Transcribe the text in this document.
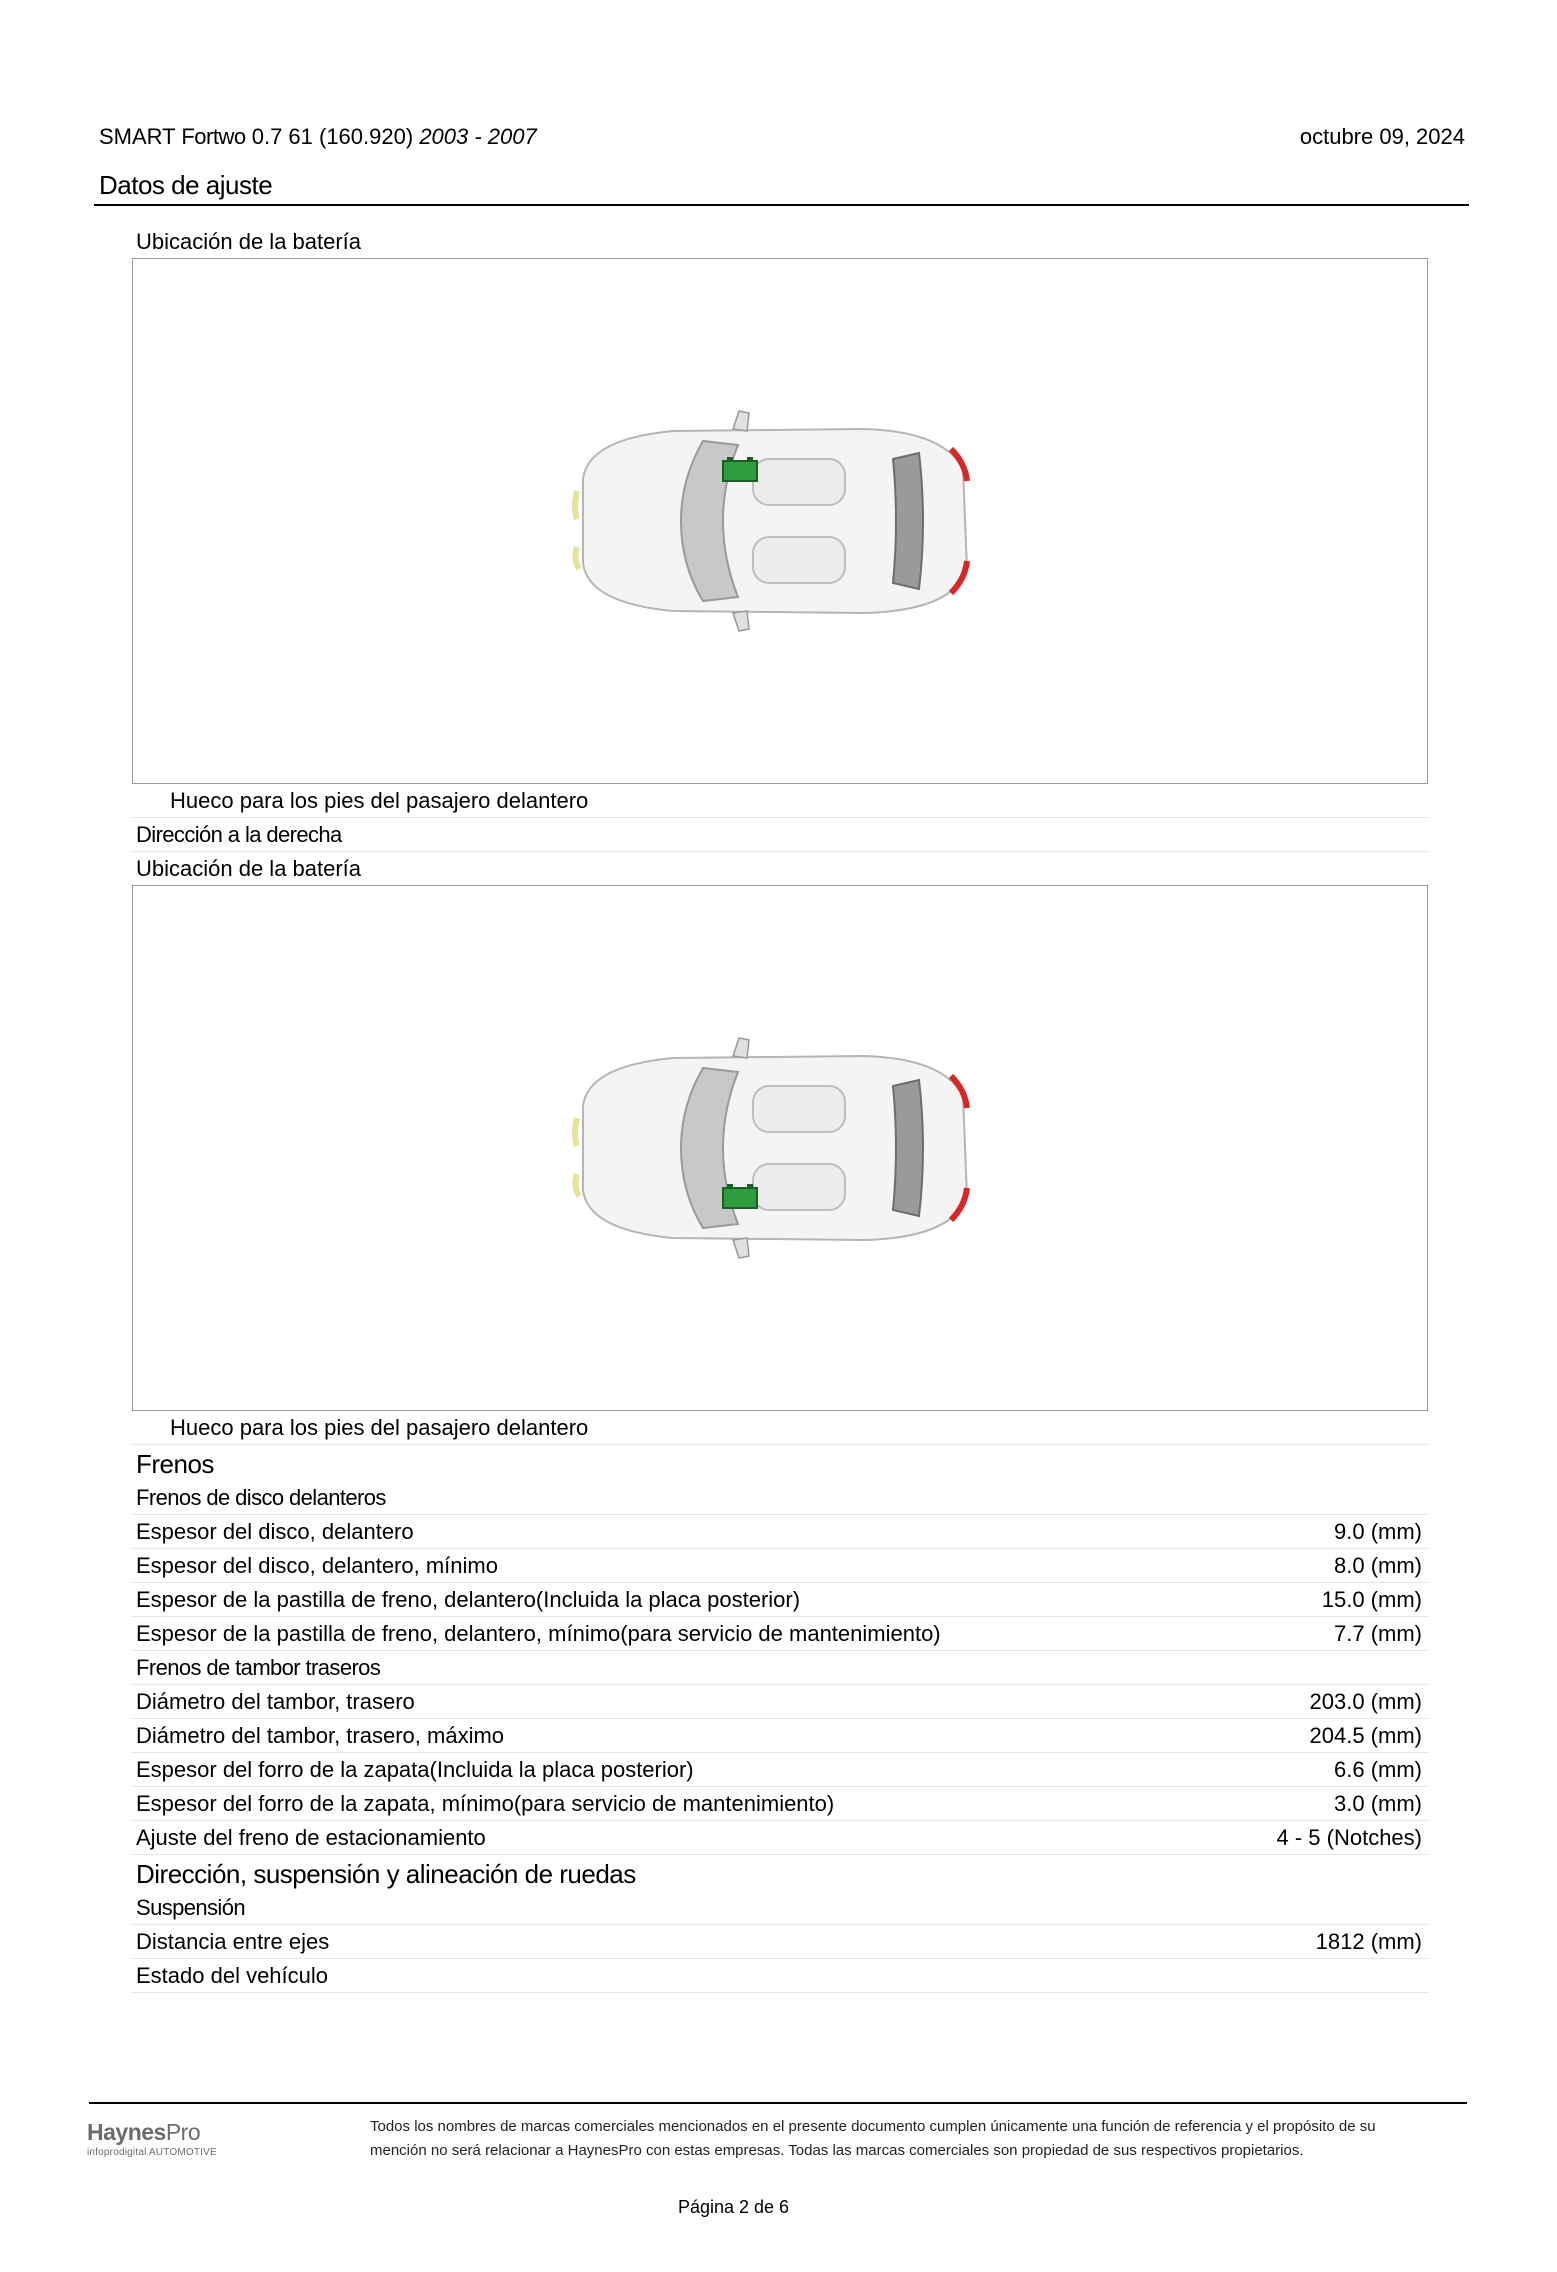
SMART Fortwo 0.7 61 (160.920) 2003 - 2007	octubre 09, 2024
Datos de ajuste
Ubicación de la batería
Hueco para los pies del pasajero delantero
Dirección a la derecha
Ubicación de la batería
Hueco para los pies del pasajero delantero
Frenos
Frenos de disco delanteros
Espesor del disco, delantero	9.0 (mm)
Espesor del disco, delantero, mínimo	8.0 (mm)
Espesor de la pastilla de freno, delantero(Incluida la placa posterior)	15.0 (mm)
Espesor de la pastilla de freno, delantero, mínimo(para servicio de mantenimiento)	7.7 (mm)
Frenos de tambor traseros
Diámetro del tambor, trasero	203.0 (mm)
Diámetro del tambor, trasero, máximo	204.5 (mm)
Espesor del forro de la zapata(Incluida la placa posterior)	6.6 (mm)
Espesor del forro de la zapata, mínimo(para servicio de mantenimiento)	3.0 (mm)
Ajuste del freno de estacionamiento	4 - 5 (Notches)
Dirección, suspensión y alineación de ruedas
Suspensión
Distancia entre ejes	1812 (mm)
Estado del vehículo
HaynesPro
infoprodigital AUTOMOTIVE
Todos los nombres de marcas comerciales mencionados en el presente documento cumplen únicamente una función de referencia y el propósito de su
mención no será relacionar a HaynesPro con estas empresas. Todas las marcas comerciales son propiedad de sus respectivos propietarios.
Página 2 de 6
